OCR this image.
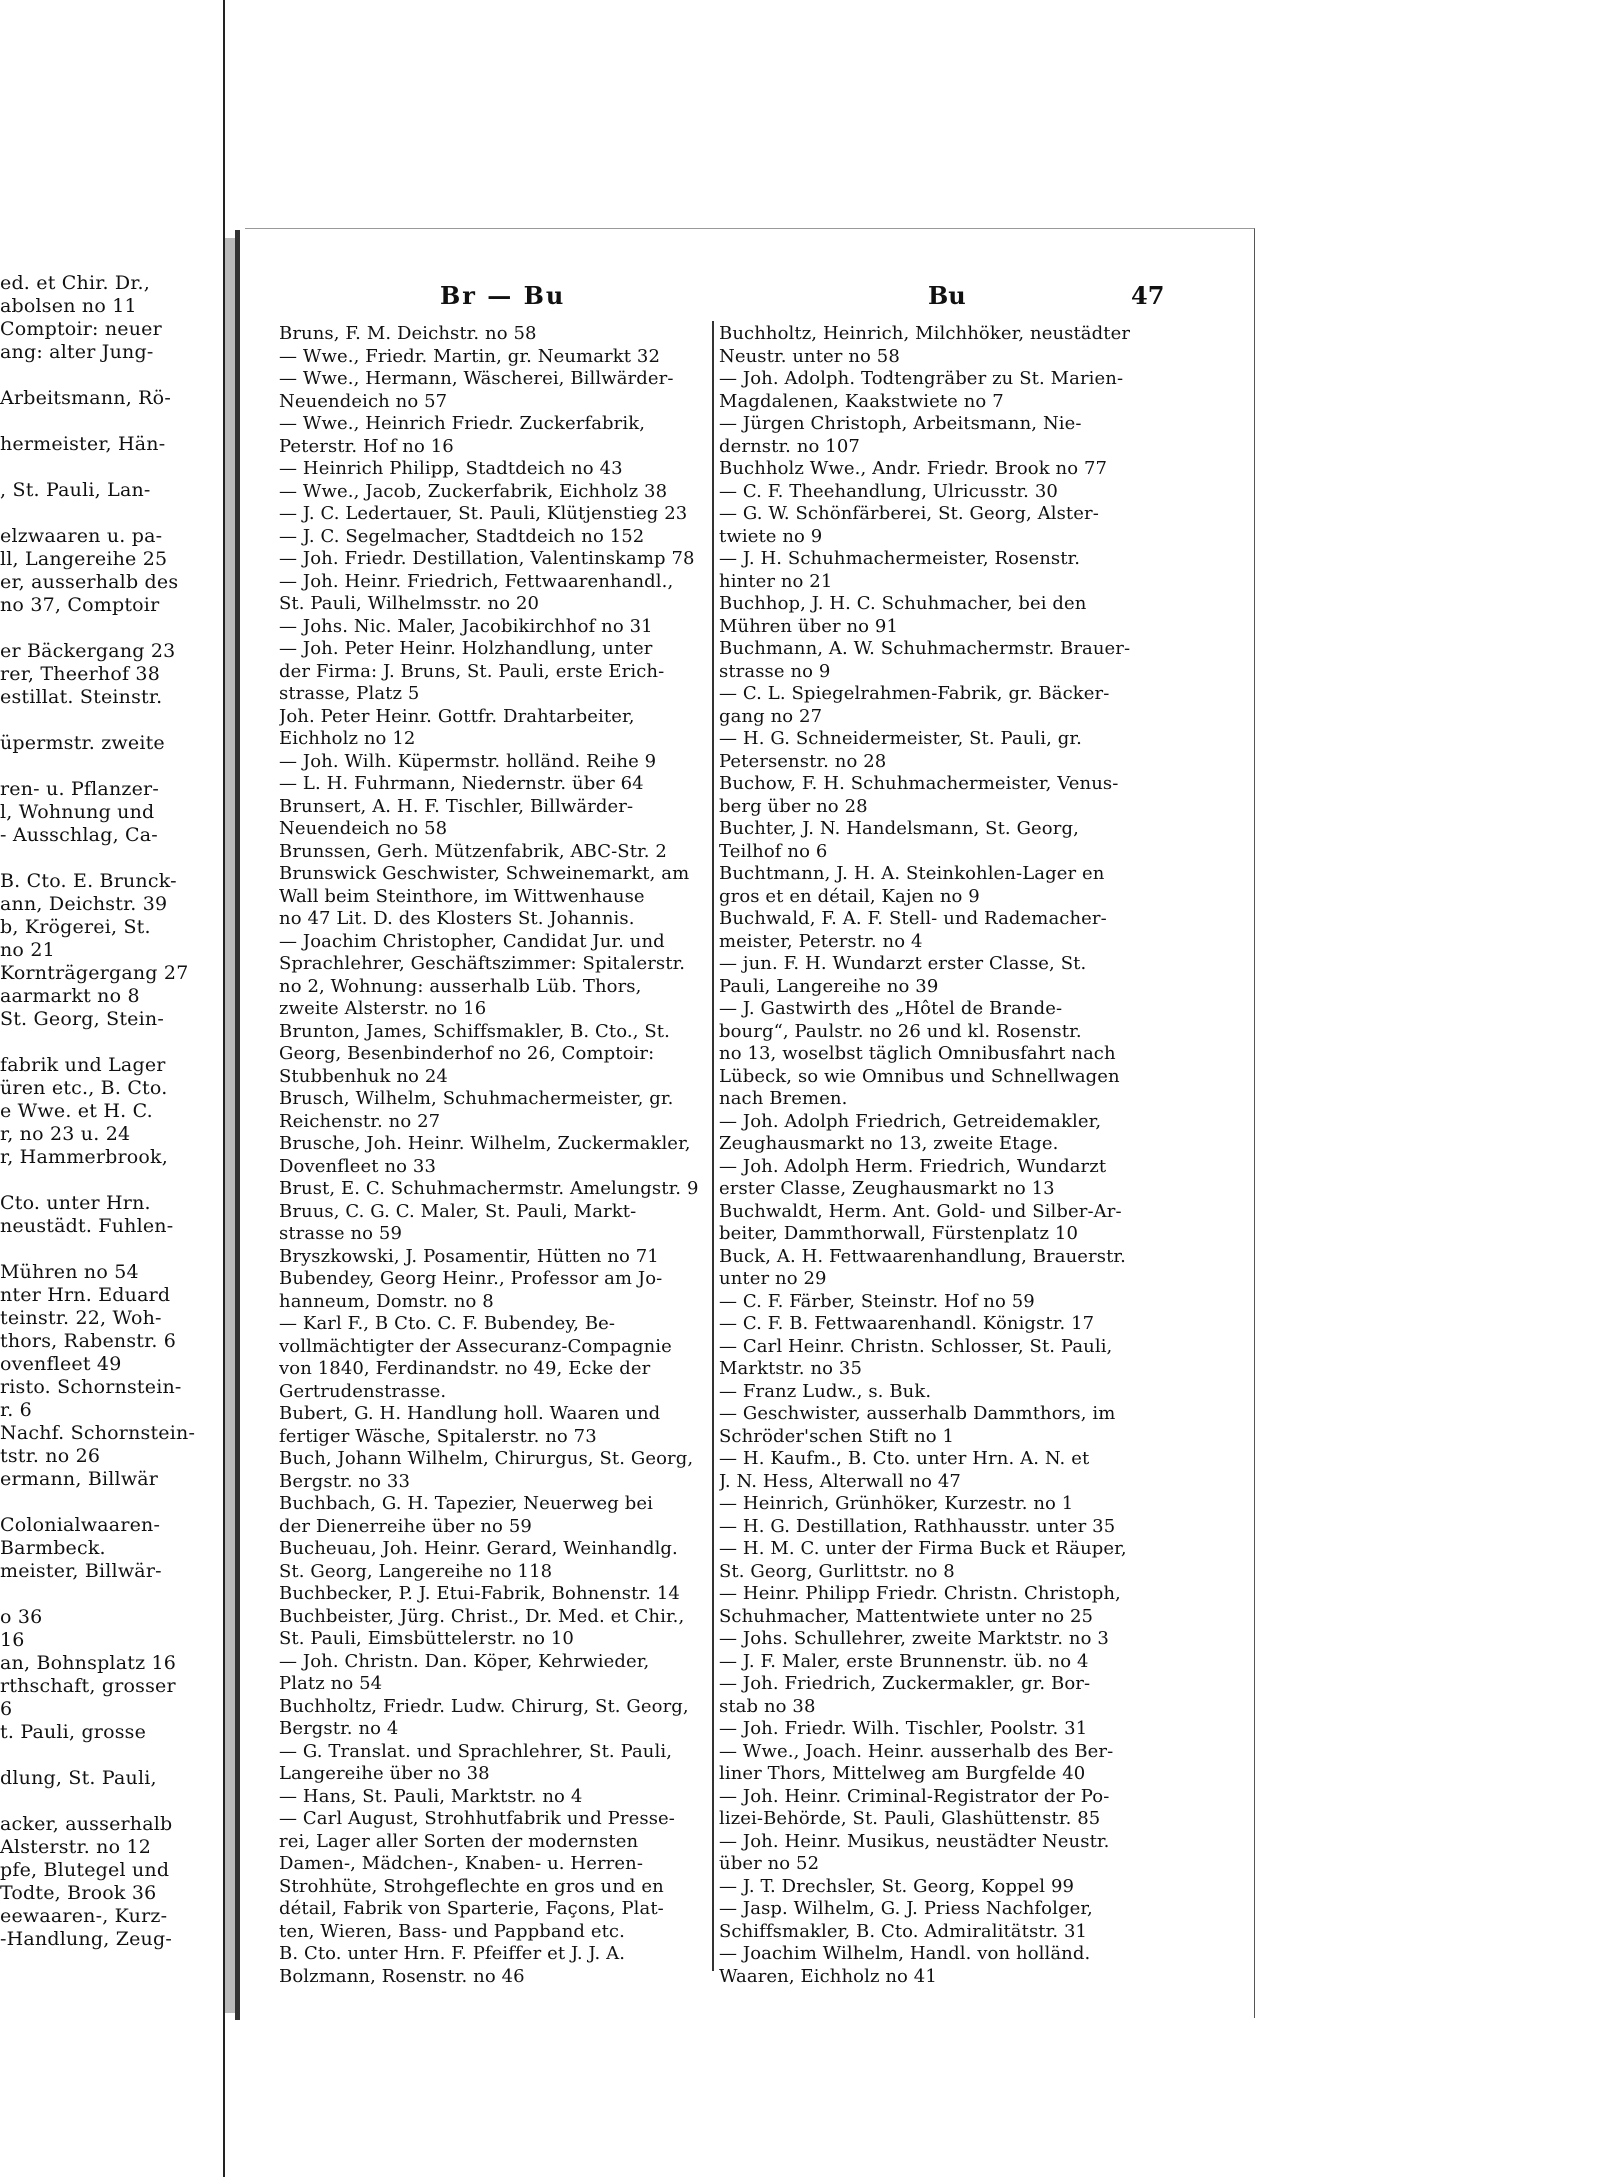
ed. et Chir. Dr.,
abolsen no 11
Comptoir: neuer
ang: alter Jung-
Arbeitsmann, Rö-
hermeister, Hän-
, St. Pauli, Lan-
elzwaaren u. pa-
ll, Langereihe 25
er, ausserhalb des
no 37, Comptoir
er Bäckergang 23
rer, Theerhof 38
estillat. Steinstr.
üpermstr. zweite
ren- u. Pflanzer-
l, Wohnung und
- Ausschlag, Ca-
B. Cto. E. Brunck-
ann, Deichstr. 39
b, Krögerei, St.
no 21
Kornträgergang 27
aarmarkt no 8
St. Georg, Stein-
fabrik und Lager
üren etc., B. Cto.
e Wwe. et H. C.
r, no 23 u. 24
r, Hammerbrook,
Cto. unter Hrn.
neustädt. Fuhlen-
Mühren no 54
nter Hrn. Eduard
teinstr. 22, Woh-
thors, Rabenstr. 6
ovenfleet 49
risto. Schornstein-
r. 6
Nachf. Schornstein-
tstr. no 26
ermann, Billwär
Colonialwaaren-
Barmbeck.
meister, Billwär-
o 36
16
an, Bohnsplatz 16
rthschaft, grosser
6
t. Pauli, grosse
dlung, St. Pauli,
acker, ausserhalb
Alsterstr. no 12
pfe, Blutegel und
Todte, Brook 36
eewaaren-, Kurz-
-Handlung, Zeug-
Br — Bu	Bu	47
Bruns, F. M. Deichstr. no 58
— Wwe., Friedr. Martin, gr. Neumarkt 32
— Wwe., Hermann, Wäscherei, Billwärder-
Neuendeich no 57
— Wwe., Heinrich Friedr. Zuckerfabrik,
Peterstr. Hof no 16
— Heinrich Philipp, Stadtdeich no 43
— Wwe., Jacob, Zuckerfabrik, Eichholz 38
— J. C. Ledertauer, St. Pauli, Klütjenstieg 23
— J. C. Segelmacher, Stadtdeich no 152
— Joh. Friedr. Destillation, Valentinskamp 78
— Joh. Heinr. Friedrich, Fettwaarenhandl.,
St. Pauli, Wilhelmsstr. no 20
— Johs. Nic. Maler, Jacobikirchhof no 31
— Joh. Peter Heinr. Holzhandlung, unter
der Firma: J. Bruns, St. Pauli, erste Erich-
strasse, Platz 5
Joh. Peter Heinr. Gottfr. Drahtarbeiter,
Eichholz no 12
— Joh. Wilh. Küpermstr. holländ. Reihe 9
— L. H. Fuhrmann, Niedernstr. über 64
Brunsert, A. H. F. Tischler, Billwärder-
Neuendeich no 58
Brunssen, Gerh. Mützenfabrik, ABC-Str. 2
Brunswick Geschwister, Schweinemarkt, am
Wall beim Steinthore, im Wittwenhause
no 47 Lit. D. des Klosters St. Johannis.
— Joachim Christopher, Candidat Jur. und
Sprachlehrer, Geschäftszimmer: Spitalerstr.
no 2, Wohnung: ausserhalb Lüb. Thors,
zweite Alsterstr. no 16
Brunton, James, Schiffsmakler, B. Cto., St.
Georg, Besenbinderhof no 26, Comptoir:
Stubbenhuk no 24
Brusch, Wilhelm, Schuhmachermeister, gr.
Reichenstr. no 27
Brusche, Joh. Heinr. Wilhelm, Zuckermakler,
Dovenfleet no 33
Brust, E. C. Schuhmachermstr. Amelungstr. 9
Bruus, C. G. C. Maler, St. Pauli, Markt-
strasse no 59
Bryszkowski, J. Posamentir, Hütten no 71
Bubendey, Georg Heinr., Professor am Jo-
hanneum, Domstr. no 8
— Karl F., B Cto. C. F. Bubendey, Be-
vollmächtigter der Assecuranz-Compagnie
von 1840, Ferdinandstr. no 49, Ecke der
Gertrudenstrasse.
Bubert, G. H. Handlung holl. Waaren und
fertiger Wäsche, Spitalerstr. no 73
Buch, Johann Wilhelm, Chirurgus, St. Georg,
Bergstr. no 33
Buchbach, G. H. Tapezier, Neuerweg bei
der Dienerreihe über no 59
Bucheuau, Joh. Heinr. Gerard, Weinhandlg.
St. Georg, Langereihe no 118
Buchbecker, P. J. Etui-Fabrik, Bohnenstr. 14
Buchbeister, Jürg. Christ., Dr. Med. et Chir.,
St. Pauli, Eimsbüttelerstr. no 10
— Joh. Christn. Dan. Köper, Kehrwieder,
Platz no 54
Buchholtz, Friedr. Ludw. Chirurg, St. Georg,
Bergstr. no 4
— G. Translat. und Sprachlehrer, St. Pauli,
Langereihe über no 38
— Hans, St. Pauli, Marktstr. no 4
— Carl August, Strohhutfabrik und Presse-
rei, Lager aller Sorten der modernsten
Damen-, Mädchen-, Knaben- u. Herren-
Strohhüte, Strohgeflechte en gros und en
détail, Fabrik von Sparterie, Façons, Plat-
ten, Wieren, Bass- und Pappband etc.
B. Cto. unter Hrn. F. Pfeiffer et J. J. A.
Bolzmann, Rosenstr. no 46
Buchholtz, Heinrich, Milchhöker, neustädter
Neustr. unter no 58
— Joh. Adolph. Todtengräber zu St. Marien-
Magdalenen, Kaakstwiete no 7
— Jürgen Christoph, Arbeitsmann, Nie-
dernstr. no 107
Buchholz Wwe., Andr. Friedr. Brook no 77
— C. F. Theehandlung, Ulricusstr. 30
— G. W. Schönfärberei, St. Georg, Alster-
twiete no 9
— J. H. Schuhmachermeister, Rosenstr.
hinter no 21
Buchhop, J. H. C. Schuhmacher, bei den
Mühren über no 91
Buchmann, A. W. Schuhmachermstr. Brauer-
strasse no 9
— C. L. Spiegelrahmen-Fabrik, gr. Bäcker-
gang no 27
— H. G. Schneidermeister, St. Pauli, gr.
Petersenstr. no 28
Buchow, F. H. Schuhmachermeister, Venus-
berg über no 28
Buchter, J. N. Handelsmann, St. Georg,
Teilhof no 6
Buchtmann, J. H. A. Steinkohlen-Lager en
gros et en détail, Kajen no 9
Buchwald, F. A. F. Stell- und Rademacher-
meister, Peterstr. no 4
— jun. F. H. Wundarzt erster Classe, St.
Pauli, Langereihe no 39
— J. Gastwirth des „Hôtel de Brande-
bourg“, Paulstr. no 26 und kl. Rosenstr.
no 13, woselbst täglich Omnibusfahrt nach
Lübeck, so wie Omnibus und Schnellwagen
nach Bremen.
— Joh. Adolph Friedrich, Getreidemakler,
Zeughausmarkt no 13, zweite Etage.
— Joh. Adolph Herm. Friedrich, Wundarzt
erster Classe, Zeughausmarkt no 13
Buchwaldt, Herm. Ant. Gold- und Silber-Ar-
beiter, Dammthorwall, Fürstenplatz 10
Buck, A. H. Fettwaarenhandlung, Brauerstr.
unter no 29
— C. F. Färber, Steinstr. Hof no 59
— C. F. B. Fettwaarenhandl. Königstr. 17
— Carl Heinr. Christn. Schlosser, St. Pauli,
Marktstr. no 35
— Franz Ludw., s. Buk.
— Geschwister, ausserhalb Dammthors, im
Schröder'schen Stift no 1
— H. Kaufm., B. Cto. unter Hrn. A. N. et
J. N. Hess, Alterwall no 47
— Heinrich, Grünhöker, Kurzestr. no 1
— H. G. Destillation, Rathhausstr. unter 35
— H. M. C. unter der Firma Buck et Räuper,
St. Georg, Gurlittstr. no 8
— Heinr. Philipp Friedr. Christn. Christoph,
Schuhmacher, Mattentwiete unter no 25
— Johs. Schullehrer, zweite Marktstr. no 3
— J. F. Maler, erste Brunnenstr. üb. no 4
— Joh. Friedrich, Zuckermakler, gr. Bor-
stab no 38
— Joh. Friedr. Wilh. Tischler, Poolstr. 31
— Wwe., Joach. Heinr. ausserhalb des Ber-
liner Thors, Mittelweg am Burgfelde 40
— Joh. Heinr. Criminal-Registrator der Po-
lizei-Behörde, St. Pauli, Glashüttenstr. 85
— Joh. Heinr. Musikus, neustädter Neustr.
über no 52
— J. T. Drechsler, St. Georg, Koppel 99
— Jasp. Wilhelm, G. J. Priess Nachfolger,
Schiffsmakler, B. Cto. Admiralitätstr. 31
— Joachim Wilhelm, Handl. von holländ.
Waaren, Eichholz no 41
